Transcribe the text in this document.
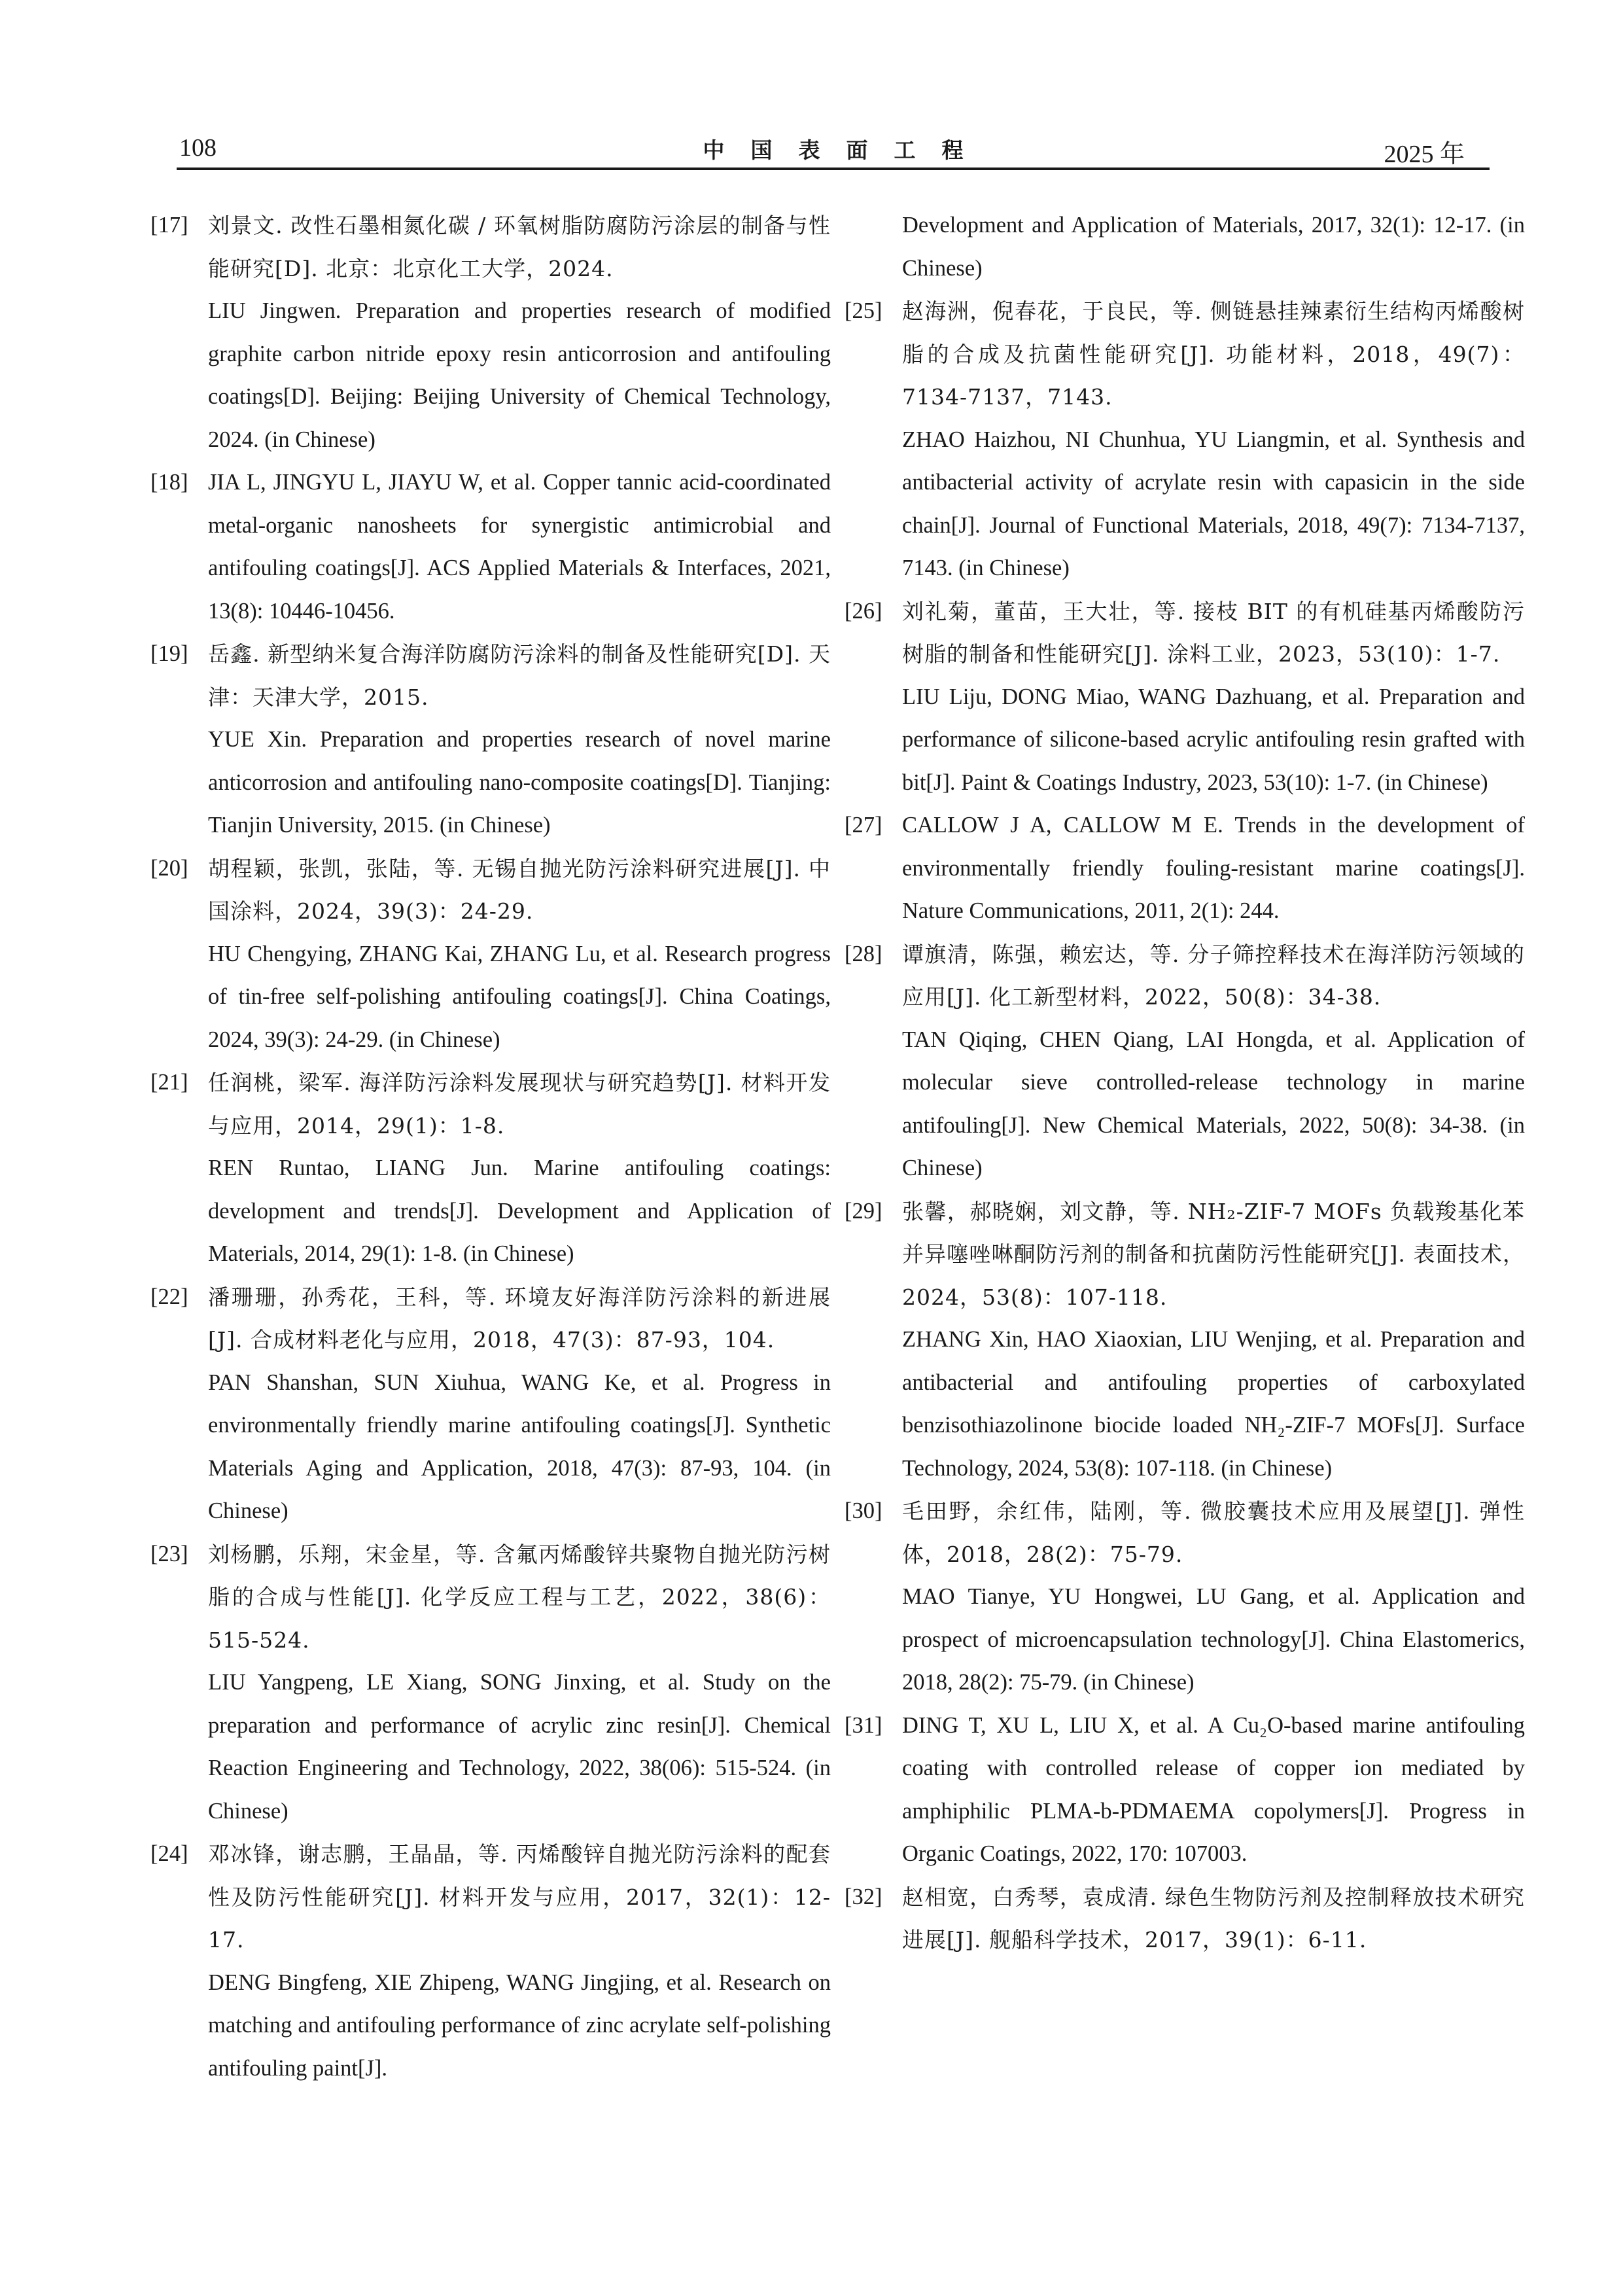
108	中国表面工程	2025 年
[17] 刘景文. 改性石墨相氮化碳 / 环氧树脂防腐防污涂层的制备与性能研究[D]. 北京：北京化工大学，2024.

LIU Jingwen. Preparation and properties research of modified graphite carbon nitride epoxy resin anticorrosion and antifouling coatings[D]. Beijing: Beijing University of Chemical Technology, 2024. (in Chinese)

[18] JIA L, JINGYU L, JIAYU W, et al. Copper tannic acid-coordinated metal-organic nanosheets for synergistic antimicrobial and antifouling coatings[J]. ACS Applied Materials & Interfaces, 2021, 13(8): 10446-10456.

[19] 岳鑫. 新型纳米复合海洋防腐防污涂料的制备及性能研究[D]. 天津：天津大学，2015.

YUE Xin. Preparation and properties research of novel marine anticorrosion and antifouling nano-composite coatings[D]. Tianjing: Tianjin University, 2015. (in Chinese)

[20] 胡程颖，张凯，张陆，等. 无锡自抛光防污涂料研究进展[J]. 中国涂料，2024，39(3)：24-29.

HU Chengying, ZHANG Kai, ZHANG Lu, et al. Research progress of tin-free self-polishing antifouling coatings[J]. China Coatings, 2024, 39(3): 24-29. (in Chinese)

[21] 任润桃，梁军. 海洋防污涂料发展现状与研究趋势[J]. 材料开发与应用，2014，29(1)：1-8.

REN Runtao, LIANG Jun. Marine antifouling coatings: development and trends[J]. Development and Application of Materials, 2014, 29(1): 1-8. (in Chinese)

[22] 潘珊珊，孙秀花，王科，等. 环境友好海洋防污涂料的新进展[J]. 合成材料老化与应用，2018，47(3)：87-93，104.

PAN Shanshan, SUN Xiuhua, WANG Ke, et al. Progress in environmentally friendly marine antifouling coatings[J]. Synthetic Materials Aging and Application, 2018, 47(3): 87-93, 104. (in Chinese)

[23] 刘杨鹏，乐翔，宋金星，等. 含氟丙烯酸锌共聚物自抛光防污树脂的合成与性能[J]. 化学反应工程与工艺，2022，38(6)：515-524.

LIU Yangpeng, LE Xiang, SONG Jinxing, et al. Study on the preparation and performance of acrylic zinc resin[J]. Chemical Reaction Engineering and Technology, 2022, 38(06): 515-524. (in Chinese)

[24] 邓冰锋，谢志鹏，王晶晶，等. 丙烯酸锌自抛光防污涂料的配套性及防污性能研究[J]. 材料开发与应用，2017，32(1)：12-17.

DENG Bingfeng, XIE Zhipeng, WANG Jingjing, et al. Research on matching and antifouling performance of zinc acrylate self-polishing antifouling paint[J].

Development and Application of Materials, 2017, 32(1): 12-17. (in Chinese)

[25] 赵海洲，倪春花，于良民，等. 侧链悬挂辣素衍生结构丙烯酸树脂的合成及抗菌性能研究[J]. 功能材料，2018，49(7)：7134-7137，7143.

ZHAO Haizhou, NI Chunhua, YU Liangmin, et al. Synthesis and antibacterial activity of acrylate resin with capasicin in the side chain[J]. Journal of Functional Materials, 2018, 49(7): 7134-7137, 7143. (in Chinese)

[26] 刘礼菊，董苗，王大壮，等. 接枝 BIT 的有机硅基丙烯酸防污树脂的制备和性能研究[J]. 涂料工业，2023，53(10)：1-7.

LIU Liju, DONG Miao, WANG Dazhuang, et al. Preparation and performance of silicone-based acrylic antifouling resin grafted with bit[J]. Paint & Coatings Industry, 2023, 53(10): 1-7. (in Chinese)

[27] CALLOW J A, CALLOW M E. Trends in the development of environmentally friendly fouling-resistant marine coatings[J]. Nature Communications, 2011, 2(1): 244.

[28] 谭旗清，陈强，赖宏达，等. 分子筛控释技术在海洋防污领域的应用[J]. 化工新型材料，2022，50(8)：34-38.

TAN Qiqing, CHEN Qiang, LAI Hongda, et al. Application of molecular sieve controlled-release technology in marine antifouling[J]. New Chemical Materials, 2022, 50(8): 34-38. (in Chinese)

[29] 张馨，郝晓娴，刘文静，等. NH₂-ZIF-7 MOFs 负载羧基化苯并异噻唑啉酮防污剂的制备和抗菌防污性能研究[J]. 表面技术，2024，53(8)：107-118.

ZHANG Xin, HAO Xiaoxian, LIU Wenjing, et al. Preparation and antibacterial and antifouling properties of carboxylated benzisothiazolinone biocide loaded NH₂-ZIF-7 MOFs[J]. Surface Technology, 2024, 53(8): 107-118. (in Chinese)

[30] 毛田野，余红伟，陆刚，等. 微胶囊技术应用及展望[J]. 弹性体，2018，28(2)：75-79.

MAO Tianye, YU Hongwei, LU Gang, et al. Application and prospect of microencapsulation technology[J]. China Elastomerics, 2018, 28(2): 75-79. (in Chinese)

[31] DING T, XU L, LIU X, et al. A Cu₂O-based marine antifouling coating with controlled release of copper ion mediated by amphiphilic PLMA-b-PDMAEMA copolymers[J]. Progress in Organic Coatings, 2022, 170: 107003.

[32] 赵相宽，白秀琴，袁成清. 绿色生物防污剂及控制释放技术研究进展[J]. 舰船科学技术，2017，39(1)：6-11.
